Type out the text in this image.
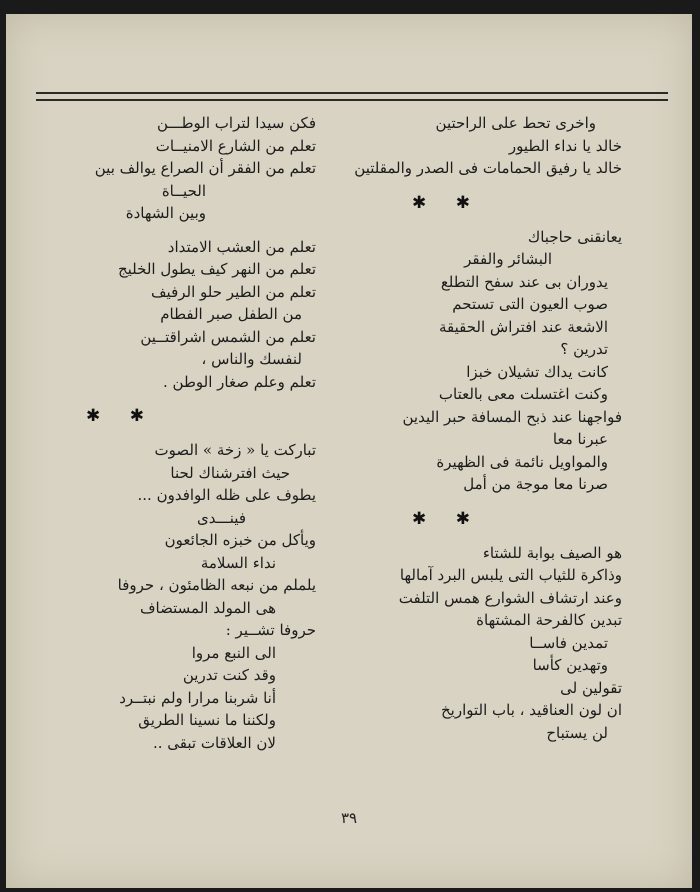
واخرى تحط على الراحتين
خالد يا نداء الطيور
خالد يا رفيق الحمامات فى الصدر والمقلتين
✱ ✱
يعانقنى حاجباك
البشائر والفقر
يدوران بى عند سفح التطلع
صوب العيون التى تستحم
الاشعة عند افتراش الحقيقة
تدرين ؟
كانت يداك تشيلان خبزا
وكنت اغتسلت معى بالعتاب
فواجهنا عند ذبح المسافة حبر اليدين
عبرنا معا
والمواويل نائمة فى الظهيرة
صرنا معا موجة من أمل
✱ ✱
هو الصيف بوابة للشتاء
وذاكرة للثياب التى يلبس البرد آمالها
وعند ارتشاف الشوارع همس التلفت
تبدين كالفرحة المشتهاة
تمدين فاســا
وتهدين كأسا
تقولين لى
ان لون العناقيد ، باب التواريخ
لن يستباح
فكن سيدا لتراب الوطـــن
تعلم من الشارع الامنيــات
تعلم من الفقر أن الصراع يوالف بين
الحيــاة
وبين الشهادة
تعلم من العشب الامتداد
تعلم من النهر كيف يطول الخليج
تعلم من الطير حلو الرفيف
من الطفل صبر الفطام
تعلم من الشمس اشراقتــين
لنفسك والناس ،
تعلم وعلم صغار الوطن .
✱ ✱
تباركت يا « زخة » الصوت
حيث افترشناك لحنا
يطوف على ظله الوافدون ...
فينـــدى
ويأكل من خبزه الجائعون
نداء السلامة
يلملم من نبعه الظامئون ، حروفا
هى المولد المستضاف
حروفا تشــير :
الى النبع مروا
وقد كنت تدرين
أنا شربنا مرارا ولم نبتــرد
ولكننا ما نسينا الطريق
لان العلاقات تبقى ..
٣٩
